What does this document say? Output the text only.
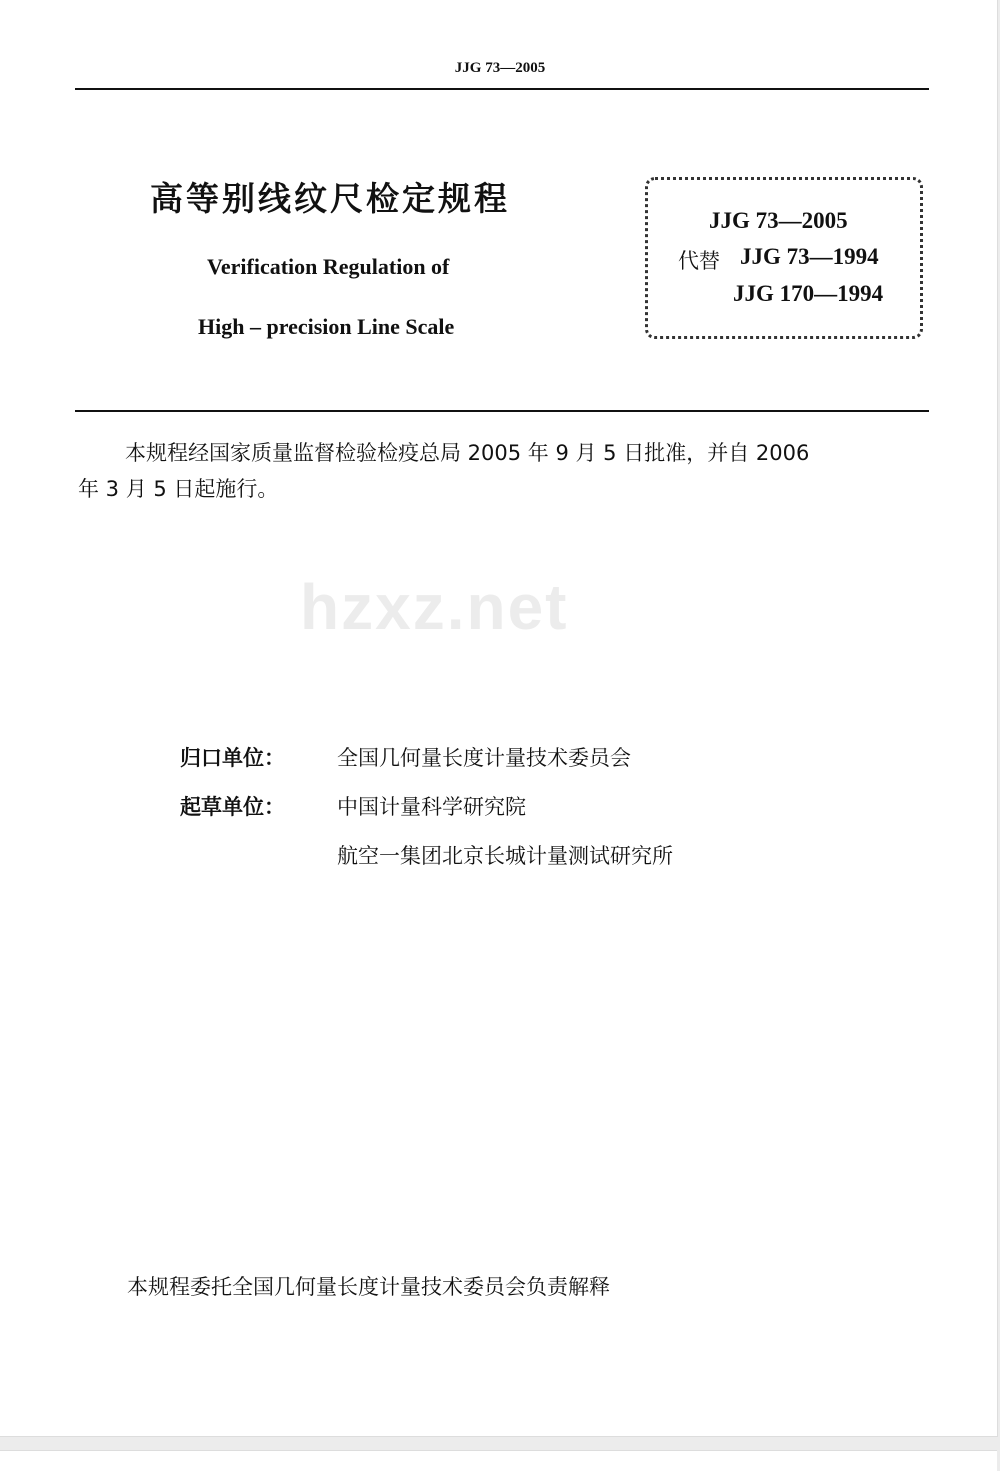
JJG 73—2005
hzxz.net
高等别线纹尺检定规程
Verification Regulation of
High – precision Line Scale
JJG 73—2005
代替 JJG 73—1994
JJG 170—1994
本规程经国家质量监督检验检疫总局 2005 年 9 月 5 日批准，并自 2006
年 3 月 5 日起施行。
归口单位： 全国几何量长度计量技术委员会
起草单位： 中国计量科学研究院
航空一集团北京长城计量测试研究所
本规程委托全国几何量长度计量技术委员会负责解释
